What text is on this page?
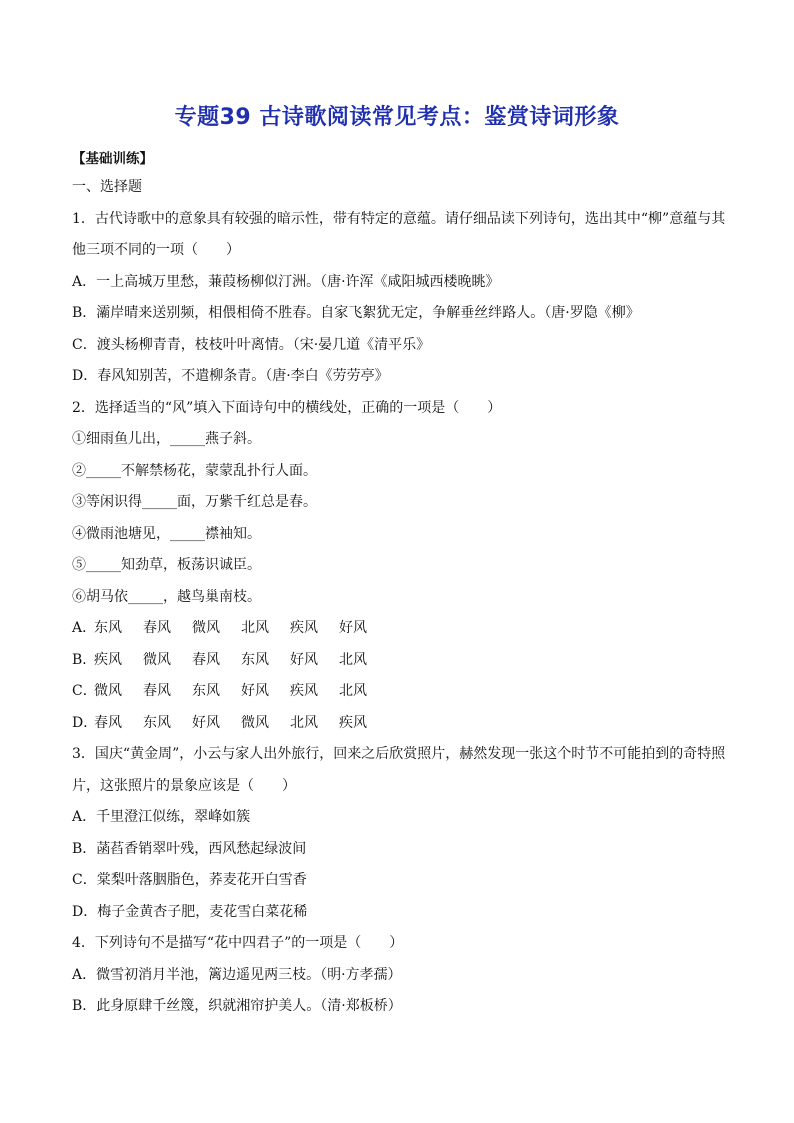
专题39 古诗歌阅读常见考点：鉴赏诗词形象
【基础训练】
一、选择题
1．古代诗歌中的意象具有较强的暗示性，带有特定的意蕴。请仔细品读下列诗句，选出其中“柳”意蕴与其
他三项不同的一项（　　）
A．一上高城万里愁，蒹葭杨柳似汀洲。（唐·许浑《咸阳城西楼晚眺》
B．灞岸晴来送别频，相偎相倚不胜春。自家飞絮犹无定，争解垂丝绊路人。（唐·罗隐《柳》
C．渡头杨柳青青，枝枝叶叶离情。（宋·晏几道《清平乐》
D．春风知别苦，不遣柳条青。（唐·李白《劳劳亭》
2．选择适当的“风”填入下面诗句中的横线处，正确的一项是（　　）
①细雨鱼儿出，_____燕子斜。
②_____不解禁杨花，蒙蒙乱扑行人面。
③等闲识得_____面，万紫千红总是春。
④微雨池塘见，_____襟袖知。
⑤_____知劲草，板荡识诚臣。
⑥胡马依_____，越鸟巢南枝。
A．
东风	春风	微风	北风	疾风	好风
B．
疾风	微风	春风	东风	好风	北风
C．
微风	春风	东风	好风	疾风	北风
D．
春风	东风	好风	微风	北风	疾风
3．国庆“黄金周”，小云与家人出外旅行，回来之后欣赏照片，赫然发现一张这个时节不可能拍到的奇特照
片，这张照片的景象应该是（　　）
A．千里澄江似练，翠峰如簇
B．菡萏香销翠叶残，西风愁起绿波间
C．棠梨叶落胭脂色，荞麦花开白雪香
D．梅子金黄杏子肥，麦花雪白菜花稀
4．下列诗句不是描写“花中四君子”的一项是（　　）
A．微雪初消月半池，篱边遥见两三枝。（明·方孝孺）
B．此身原肆千丝篾，织就湘帘护美人。（清·郑板桥）
